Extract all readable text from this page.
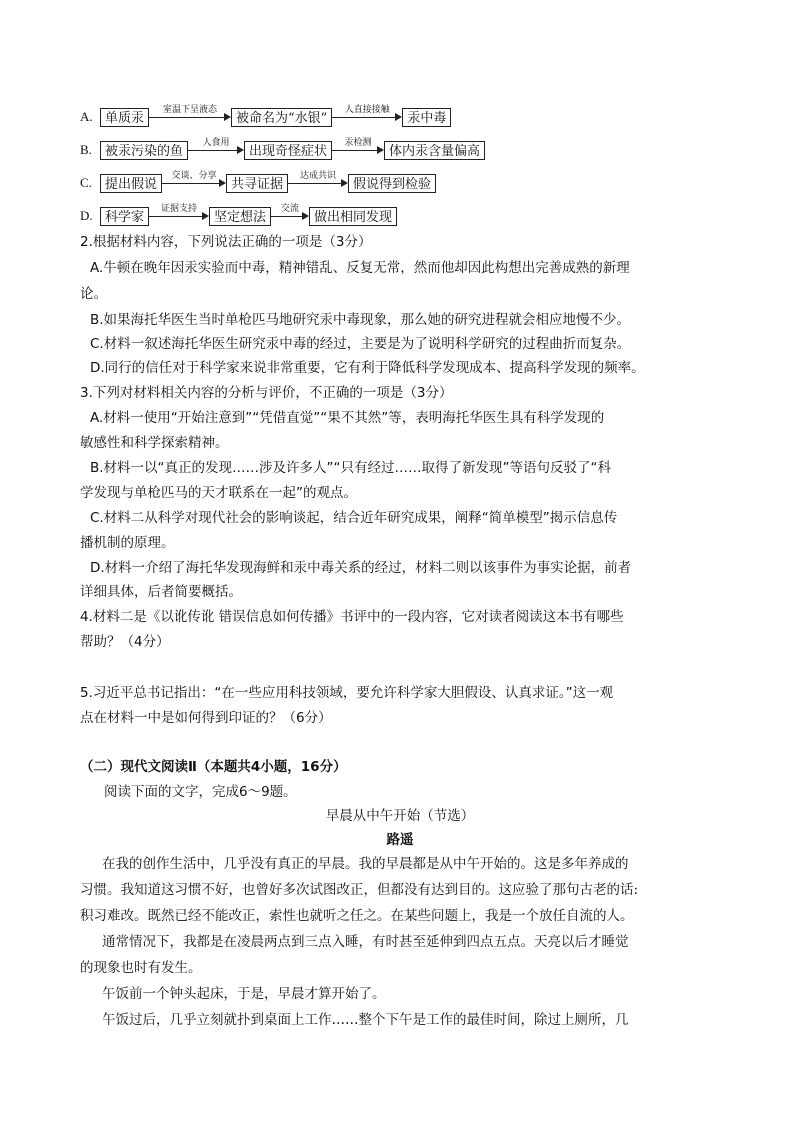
A. 单质汞
室温下呈液态
被命名为“水银”
人直接接触
汞中毒
B.	被汞污染的鱼
人食用
出现奇怪症状
汞检测
体内汞含量偏高
C.	提出假说
交谈、分享
共寻证据
达成共识
假说得到检验
D. 科学家
证据支持
坚定想法
交流
做出相同发现
2.根据材料内容，下列说法正确的一项是（3分）
A.牛顿在晚年因汞实验而中毒，精神错乱、反复无常，然而他却因此构想出完善成熟的新理
论。
B.如果海托华医生当时单枪匹马地研究汞中毒现象，那么她的研究进程就会相应地慢不少。
C.材料一叙述海托华医生研究汞中毒的经过，主要是为了说明科学研究的过程曲折而复杂。
D.同行的信任对于科学家来说非常重要，它有利于降低科学发现成本、提高科学发现的频率。
3.下列对材料相关内容的分析与评价，不正确的一项是（3分）
A.材料一使用“开始注意到”“凭借直觉”“果不其然”等，表明海托华医生具有科学发现的
敏感性和科学探索精神。
B.材料一以“真正的发现……涉及许多人”“只有经过……取得了新发现”等语句反驳了“科
学发现与单枪匹马的天才联系在一起”的观点。
C.材料二从科学对现代社会的影响谈起，结合近年研究成果，阐释“简单模型”揭示信息传
播机制的原理。
D.材料一介绍了海托华发现海鲜和汞中毒关系的经过，材料二则以该事件为事实论据，前者
详细具体，后者简要概括。
4.材料二是《以讹传讹 错误信息如何传播》书评中的一段内容，它对读者阅读这本书有哪些
帮助？（4分）
5.习近平总书记指出：“在一些应用科技领域，要允许科学家大胆假设、认真求证。”这一观
点在材料一中是如何得到印证的？（6分）
（二）现代文阅读Ⅱ（本题共4小题，16分）
阅读下面的文字，完成6～9题。
早晨从中午开始（节选）
路遥
在我的创作生活中，几乎没有真正的早晨。我的早晨都是从中午开始的。这是多年养成的
习惯。我知道这习惯不好，也曾好多次试图改正，但都没有达到目的。这应验了那句古老的话:
积习难改。既然已经不能改正，索性也就听之任之。在某些问题上，我是一个放任自流的人。
通常情况下，我都是在凌晨两点到三点入睡，有时甚至延伸到四点五点。天亮以后才睡觉
的现象也时有发生。
午饭前一个钟头起床，于是，早晨才算开始了。
午饭过后，几乎立刻就扑到桌面上工作……整个下午是工作的最佳时间，除过上厕所，几
